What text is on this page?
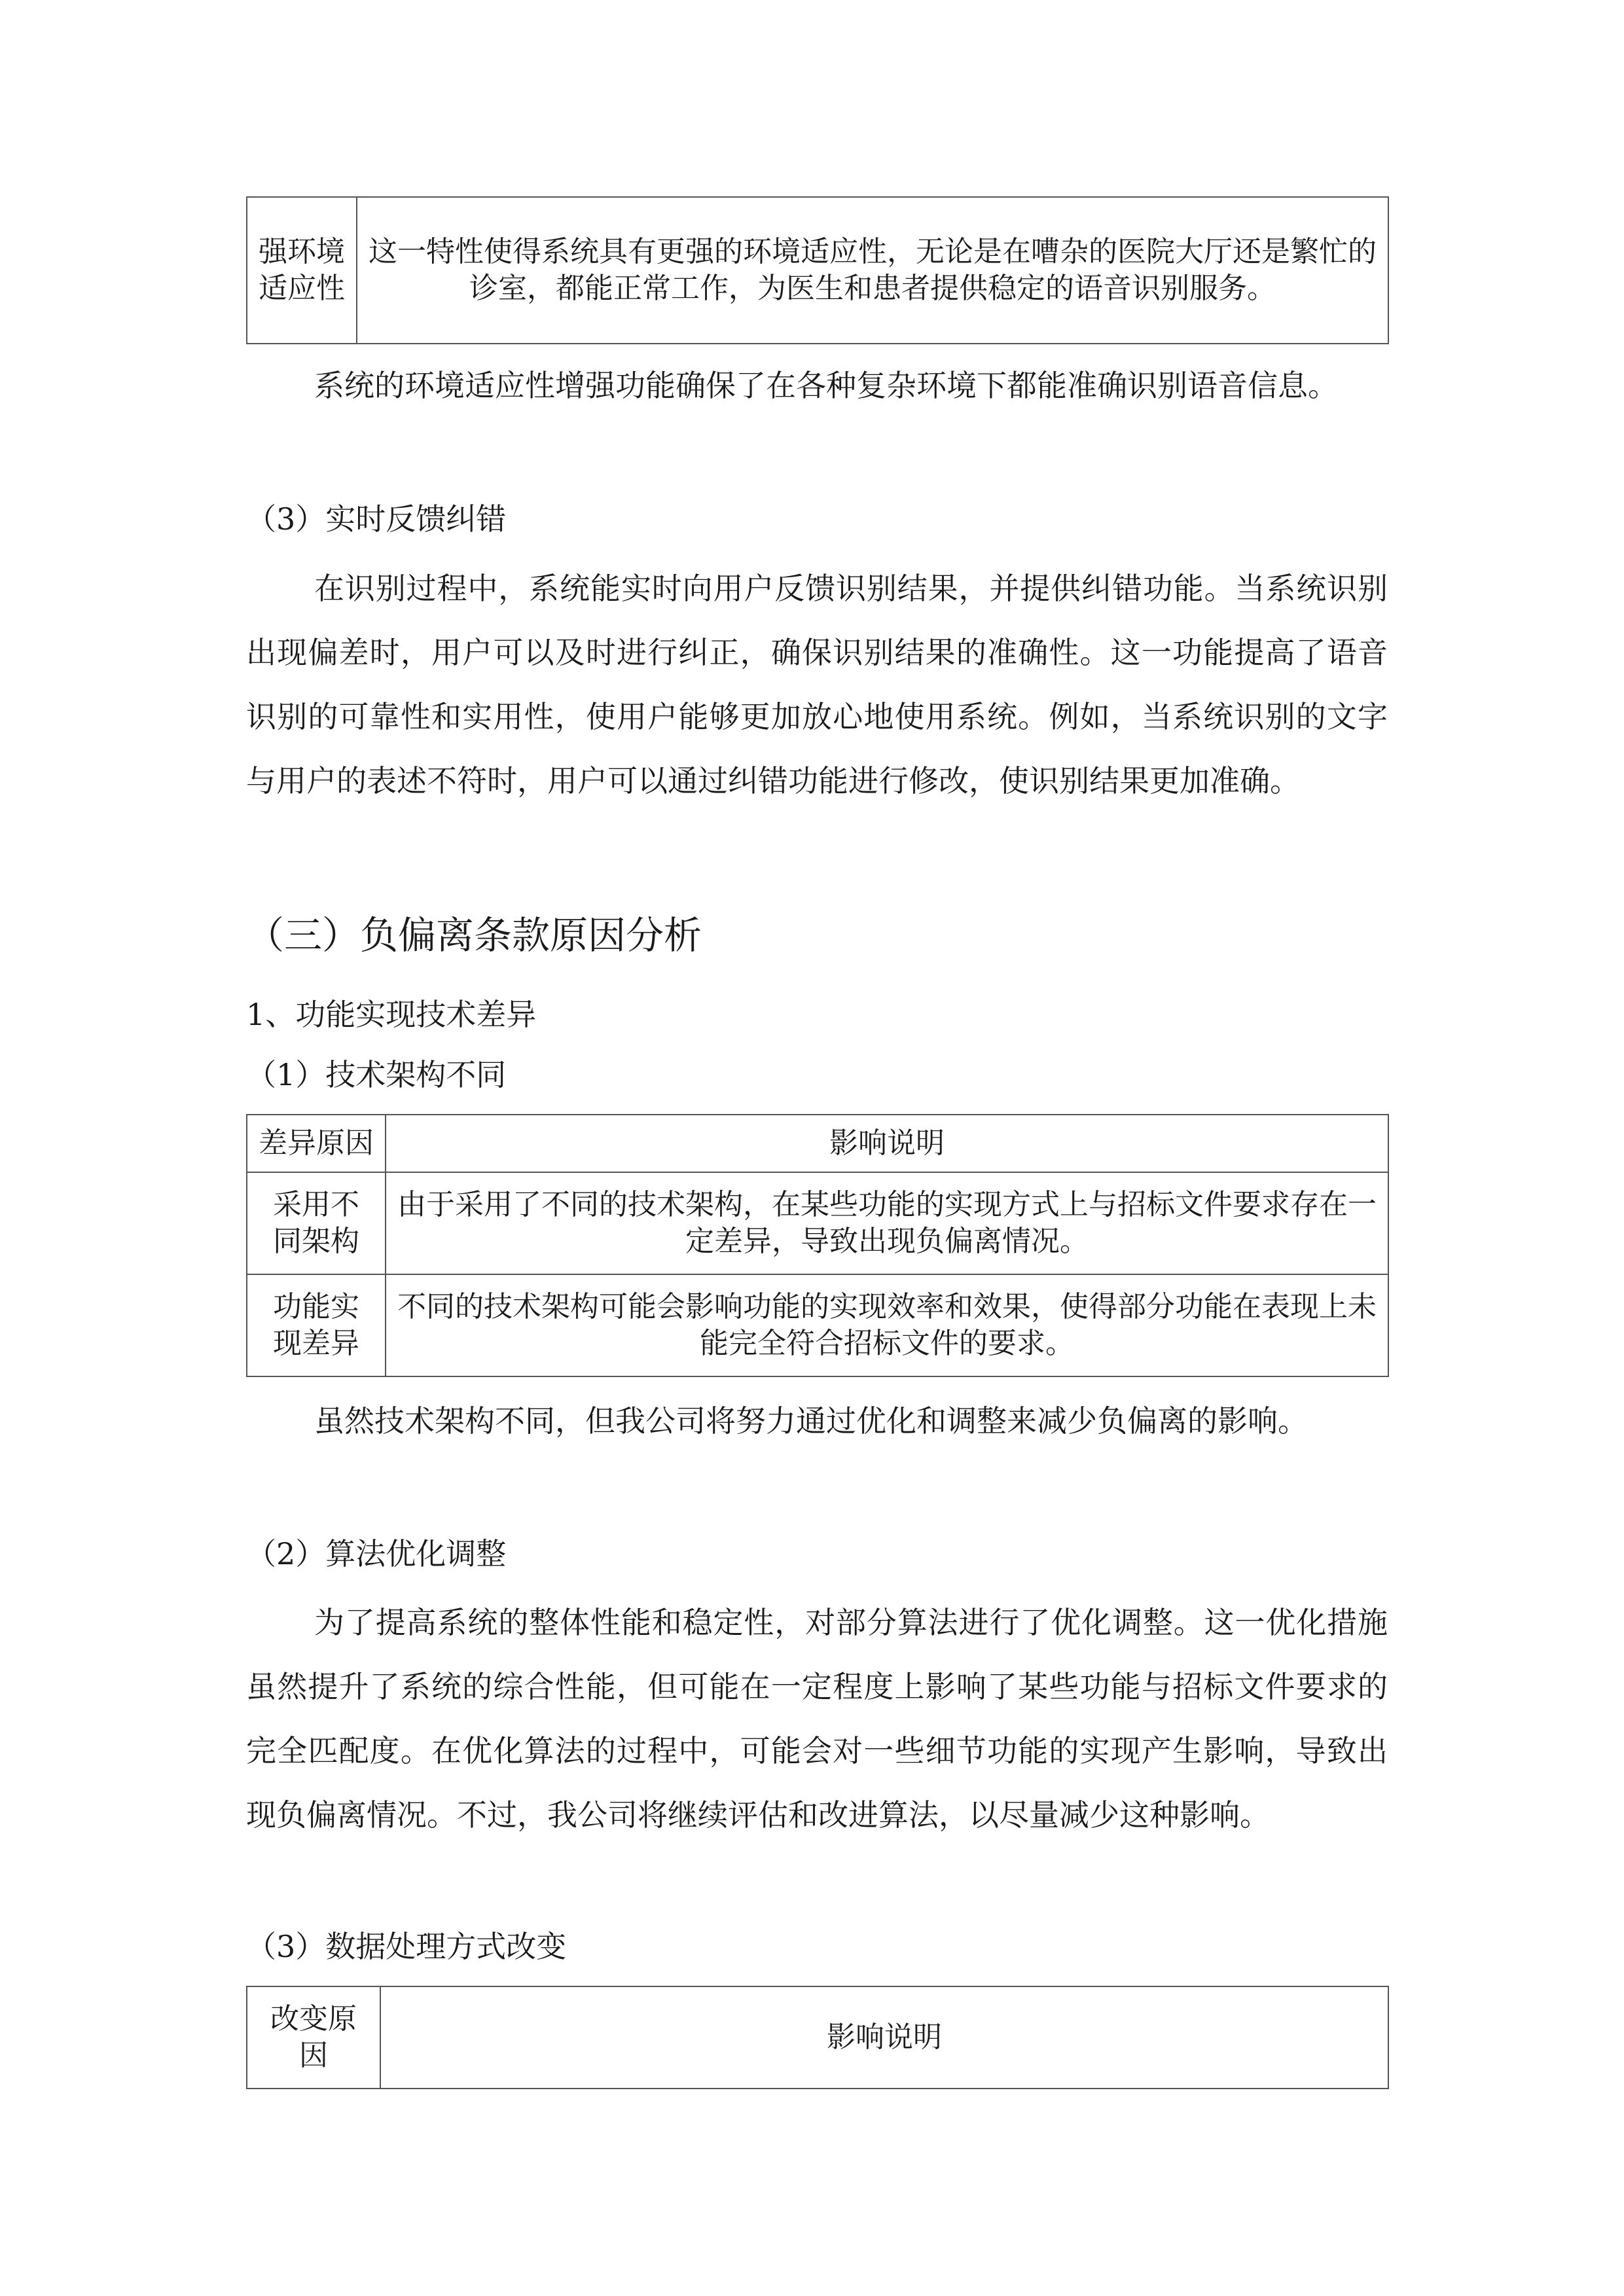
强环境适应性	这一特性使得系统具有更强的环境适应性，无论是在嘈杂的医院大厅还是繁忙的诊室，都能正常工作，为医生和患者提供稳定的语音识别服务。

系统的环境适应性增强功能确保了在各种复杂环境下都能准确识别语音信息。

（3）实时反馈纠错

在识别过程中，系统能实时向用户反馈识别结果，并提供纠错功能。当系统识别出现偏差时，用户可以及时进行纠正，确保识别结果的准确性。这一功能提高了语音识别的可靠性和实用性，使用户能够更加放心地使用系统。例如，当系统识别的文字与用户的表述不符时，用户可以通过纠错功能进行修改，使识别结果更加准确。

（三）负偏离条款原因分析

1、功能实现技术差异

（1）技术架构不同

差异原因	影响说明
采用不同架构	由于采用了不同的技术架构，在某些功能的实现方式上与招标文件要求存在一定差异，导致出现负偏离情况。
功能实现差异	不同的技术架构可能会影响功能的实现效率和效果，使得部分功能在表现上未能完全符合招标文件的要求。

虽然技术架构不同，但我公司将努力通过优化和调整来减少负偏离的影响。

（2）算法优化调整

为了提高系统的整体性能和稳定性，对部分算法进行了优化调整。这一优化措施虽然提升了系统的综合性能，但可能在一定程度上影响了某些功能与招标文件要求的完全匹配度。在优化算法的过程中，可能会对一些细节功能的实现产生影响，导致出现负偏离情况。不过，我公司将继续评估和改进算法，以尽量减少这种影响。

（3）数据处理方式改变

改变原因	影响说明
